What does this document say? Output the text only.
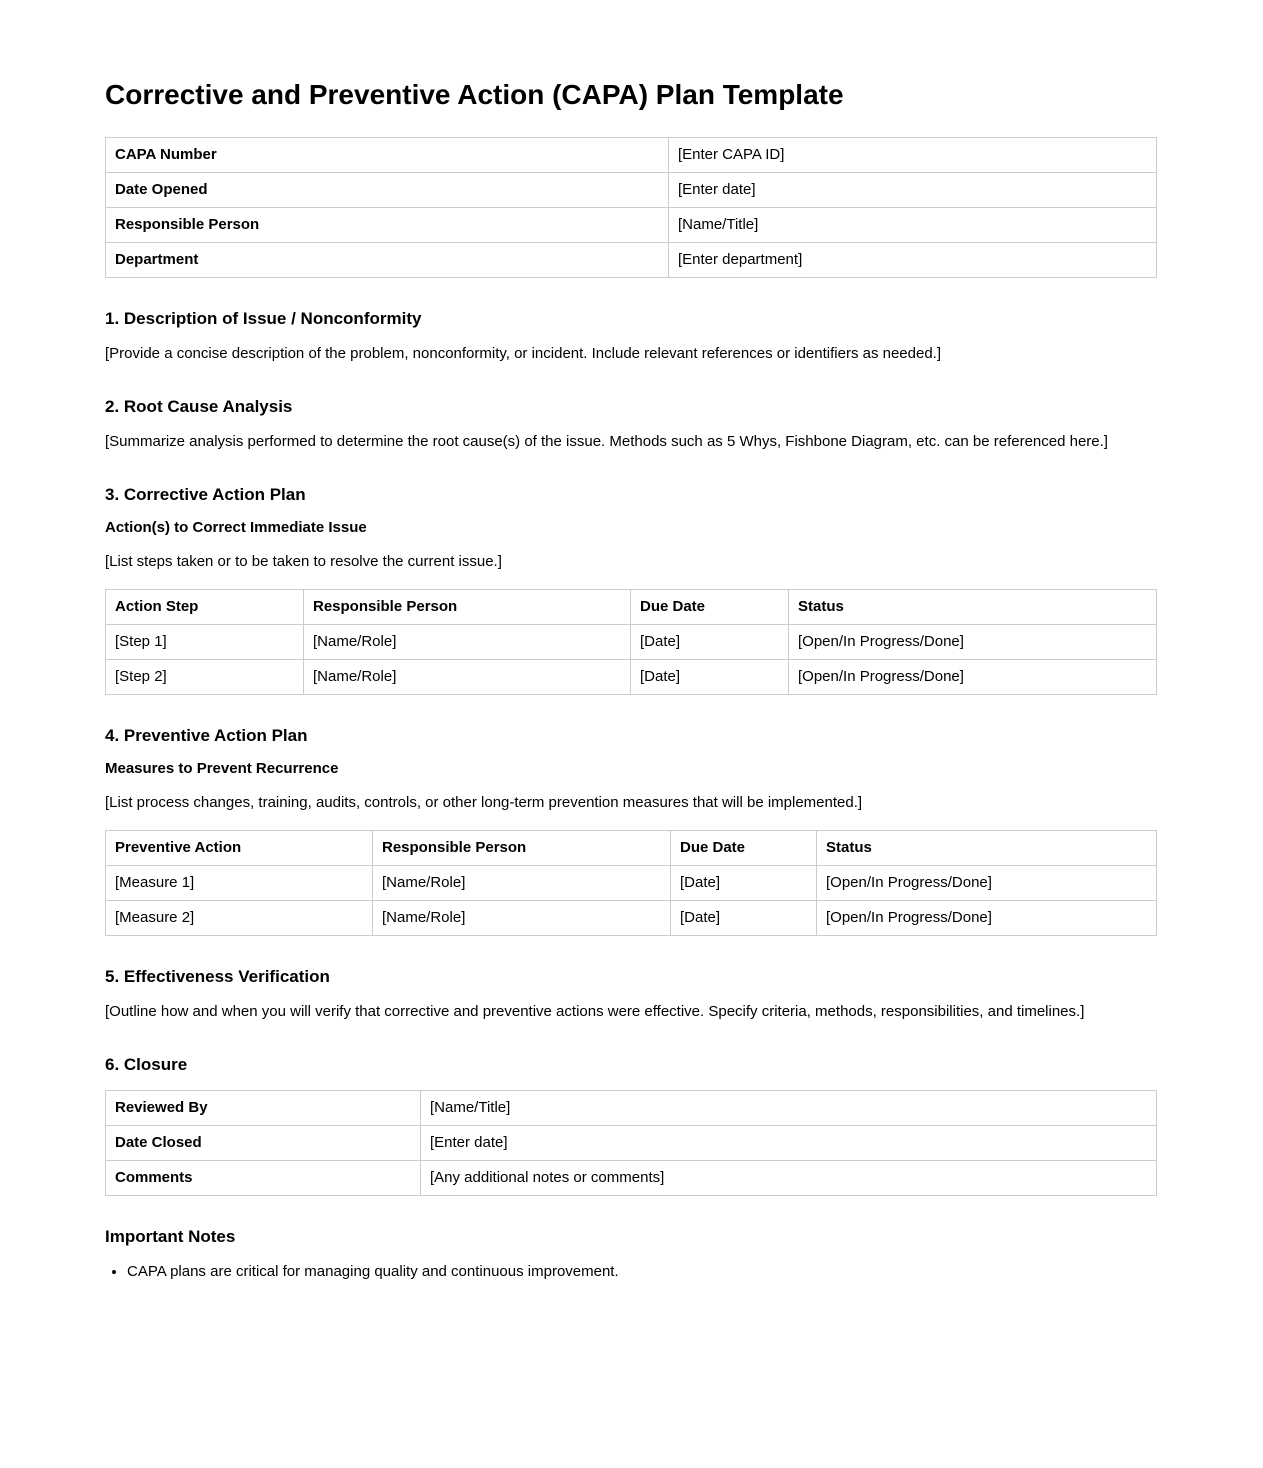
Corrective and Preventive Action (CAPA) Plan Template
CAPA Number	[Enter CAPA ID]
Date Opened	[Enter date]
Responsible Person	[Name/Title]
Department	[Enter department]
1. Description of Issue / Nonconformity

[Provide a concise description of the problem, nonconformity, or incident. Include relevant references or identifiers as needed.]

2. Root Cause Analysis

[Summarize analysis performed to determine the root cause(s) of the issue. Methods such as 5 Whys, Fishbone Diagram, etc. can be referenced here.]

3. Corrective Action Plan
Action(s) to Correct Immediate Issue

[List steps taken or to be taken to resolve the current issue.]

Action Step	Responsible Person	Due Date	Status
[Step 1]	[Name/Role]	[Date]	[Open/In Progress/Done]
[Step 2]	[Name/Role]	[Date]	[Open/In Progress/Done]
4. Preventive Action Plan
Measures to Prevent Recurrence

[List process changes, training, audits, controls, or other long-term prevention measures that will be implemented.]

Preventive Action	Responsible Person	Due Date	Status
[Measure 1]	[Name/Role]	[Date]	[Open/In Progress/Done]
[Measure 2]	[Name/Role]	[Date]	[Open/In Progress/Done]
5. Effectiveness Verification

[Outline how and when you will verify that corrective and preventive actions were effective. Specify criteria, methods, responsibilities, and timelines.]

6. Closure
Reviewed By	[Name/Title]
Date Closed	[Enter date]
Comments	[Any additional notes or comments]
Important Notes
• CAPA plans are critical for managing quality and continuous improvement.
